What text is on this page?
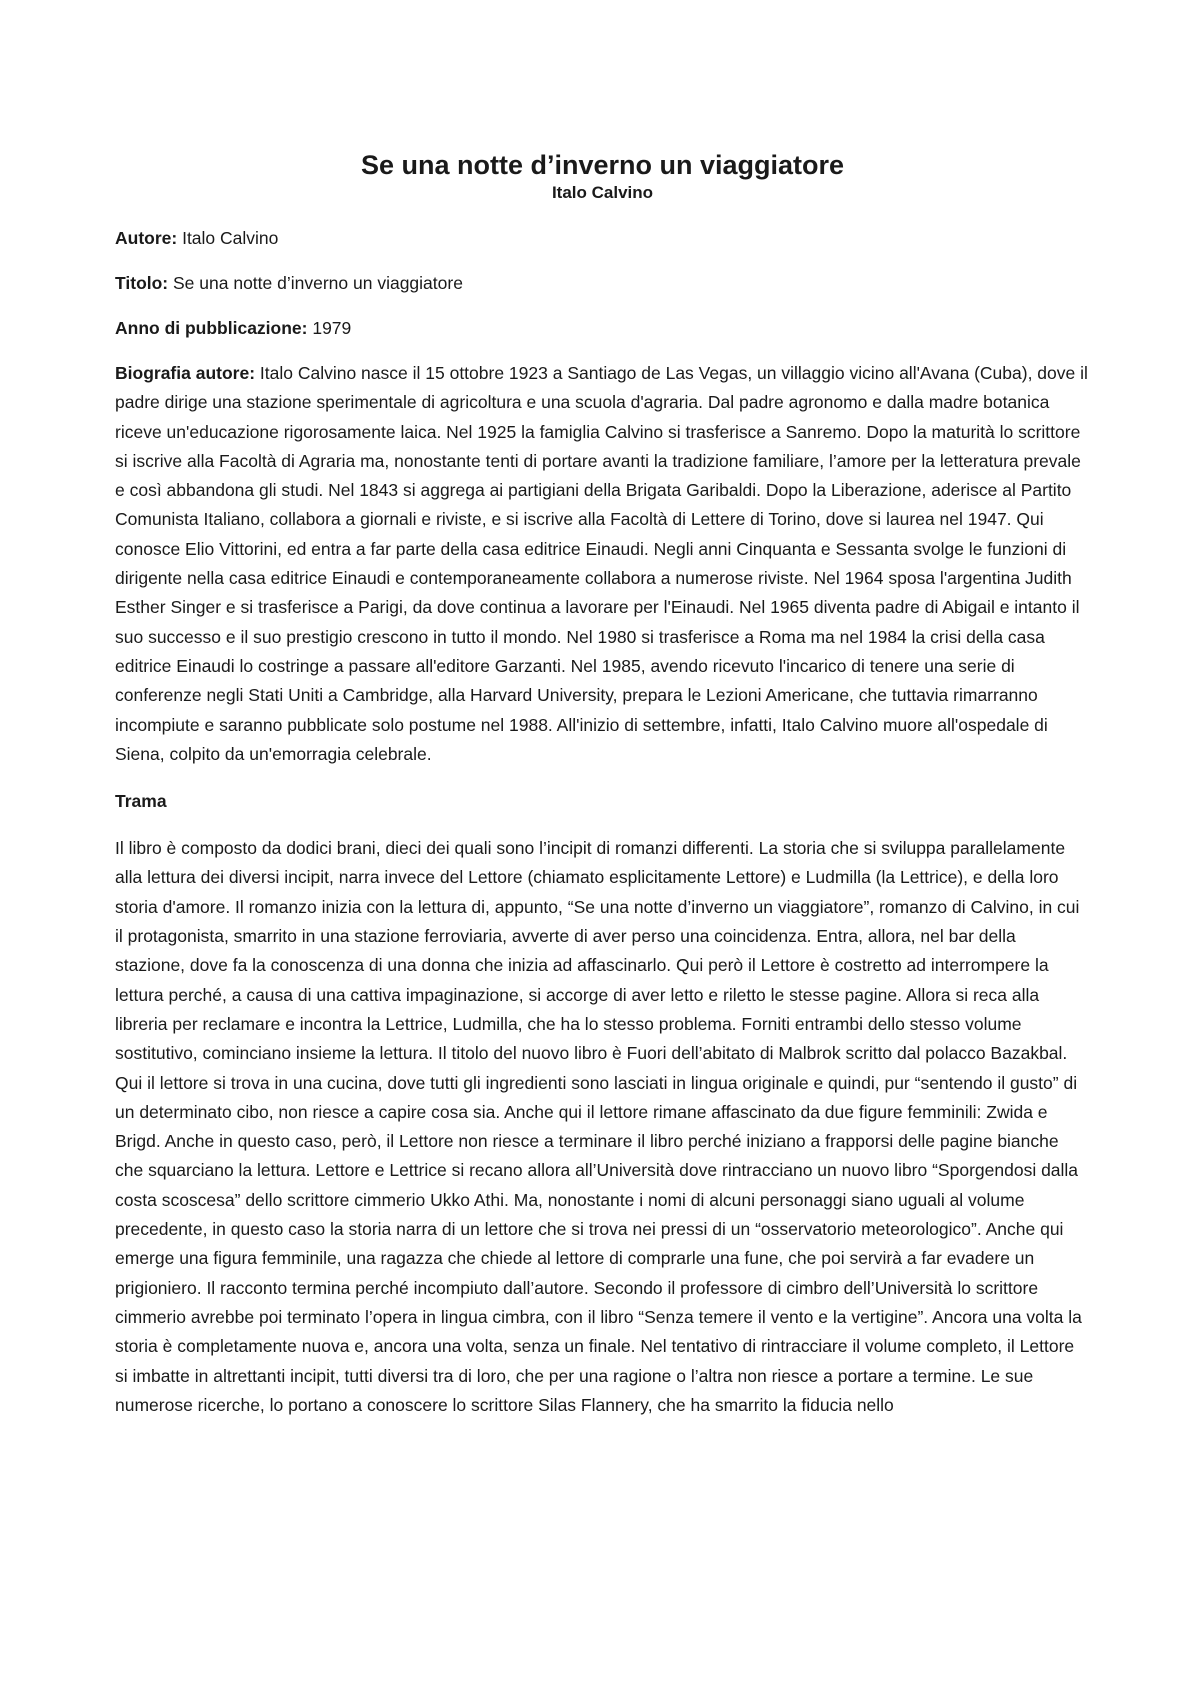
Se una notte d’inverno un viaggiatore
Italo Calvino

Autore: Italo Calvino

Titolo: Se una notte d’inverno un viaggiatore

Anno di pubblicazione: 1979

Biografia autore: Italo Calvino nasce il 15 ottobre 1923 a Santiago de Las Vegas, un villaggio vicino all'Avana (Cuba), dove il padre dirige una stazione sperimentale di agricoltura e una scuola d'agraria. Dal padre agronomo e dalla madre botanica riceve un'educazione rigorosamente laica. Nel 1925 la famiglia Calvino si trasferisce a Sanremo. Dopo la maturità lo scrittore si iscrive alla Facoltà di Agraria ma, nonostante tenti di portare avanti la tradizione familiare, l’amore per la letteratura prevale e così abbandona gli studi. Nel 1843 si aggrega ai partigiani della Brigata Garibaldi. Dopo la Liberazione, aderisce al Partito Comunista Italiano, collabora a giornali e riviste, e si iscrive alla Facoltà di Lettere di Torino, dove si laurea nel 1947. Qui conosce Elio Vittorini, ed entra a far parte della casa editrice Einaudi. Negli anni Cinquanta e Sessanta svolge le funzioni di dirigente nella casa editrice Einaudi e contemporaneamente collabora a numerose riviste. Nel 1964 sposa l'argentina Judith Esther Singer e si trasferisce a Parigi, da dove continua a lavorare per l'Einaudi. Nel 1965 diventa padre di Abigail e intanto il suo successo e il suo prestigio crescono in tutto il mondo. Nel 1980 si trasferisce a Roma ma nel 1984 la crisi della casa editrice Einaudi lo costringe a passare all'editore Garzanti. Nel 1985, avendo ricevuto l'incarico di tenere una serie di conferenze negli Stati Uniti a Cambridge, alla Harvard University, prepara le Lezioni Americane, che tuttavia rimarranno incompiute e saranno pubblicate solo postume nel 1988. All'inizio di settembre, infatti, Italo Calvino muore all'ospedale di Siena, colpito da un'emorragia celebrale.

Trama

Il libro è composto da dodici brani, dieci dei quali sono l’incipit di romanzi differenti. La storia che si sviluppa parallelamente alla lettura dei diversi incipit, narra invece del Lettore (chiamato esplicitamente Lettore) e Ludmilla (la Lettrice), e della loro storia d'amore. Il romanzo inizia con la lettura di, appunto, “Se una notte d’inverno un viaggiatore”, romanzo di Calvino, in cui il protagonista, smarrito in una stazione ferroviaria, avverte di aver perso una coincidenza. Entra, allora, nel bar della stazione, dove fa la conoscenza di una donna che inizia ad affascinarlo. Qui però il Lettore è costretto ad interrompere la lettura perché, a causa di una cattiva impaginazione, si accorge di aver letto e riletto le stesse pagine. Allora si reca alla libreria per reclamare e incontra la Lettrice, Ludmilla, che ha lo stesso problema. Forniti entrambi dello stesso volume sostitutivo, cominciano insieme la lettura. Il titolo del nuovo libro è Fuori dell’abitato di Malbrok scritto dal polacco Bazakbal. Qui il lettore si trova in una cucina, dove tutti gli ingredienti sono lasciati in lingua originale e quindi, pur “sentendo il gusto” di un determinato cibo, non riesce a capire cosa sia. Anche qui il lettore rimane affascinato da due figure femminili: Zwida e Brigd. Anche in questo caso, però, il Lettore non riesce a terminare il libro perché iniziano a frapporsi delle pagine bianche che squarciano la lettura. Lettore e Lettrice si recano allora all’Università dove rintracciano un nuovo libro “Sporgendosi dalla costa scoscesa” dello scrittore cimmerio Ukko Athi. Ma, nonostante i nomi di alcuni personaggi siano uguali al volume precedente, in questo caso la storia narra di un lettore che si trova nei pressi di un “osservatorio meteorologico”. Anche qui emerge una figura femminile, una ragazza che chiede al lettore di comprarle una fune, che poi servirà a far evadere un prigioniero. Il racconto termina perché incompiuto dall’autore. Secondo il professore di cimbro dell’Università lo scrittore cimmerio avrebbe poi terminato l’opera in lingua cimbra, con il libro “Senza temere il vento e la vertigine”. Ancora una volta la storia è completamente nuova e, ancora una volta, senza un finale. Nel tentativo di rintracciare il volume completo, il Lettore si imbatte in altrettanti incipit, tutti diversi tra di loro, che per una ragione o l’altra non riesce a portare a termine. Le sue numerose ricerche, lo portano a conoscere lo scrittore Silas Flannery, che ha smarrito la fiducia nello
